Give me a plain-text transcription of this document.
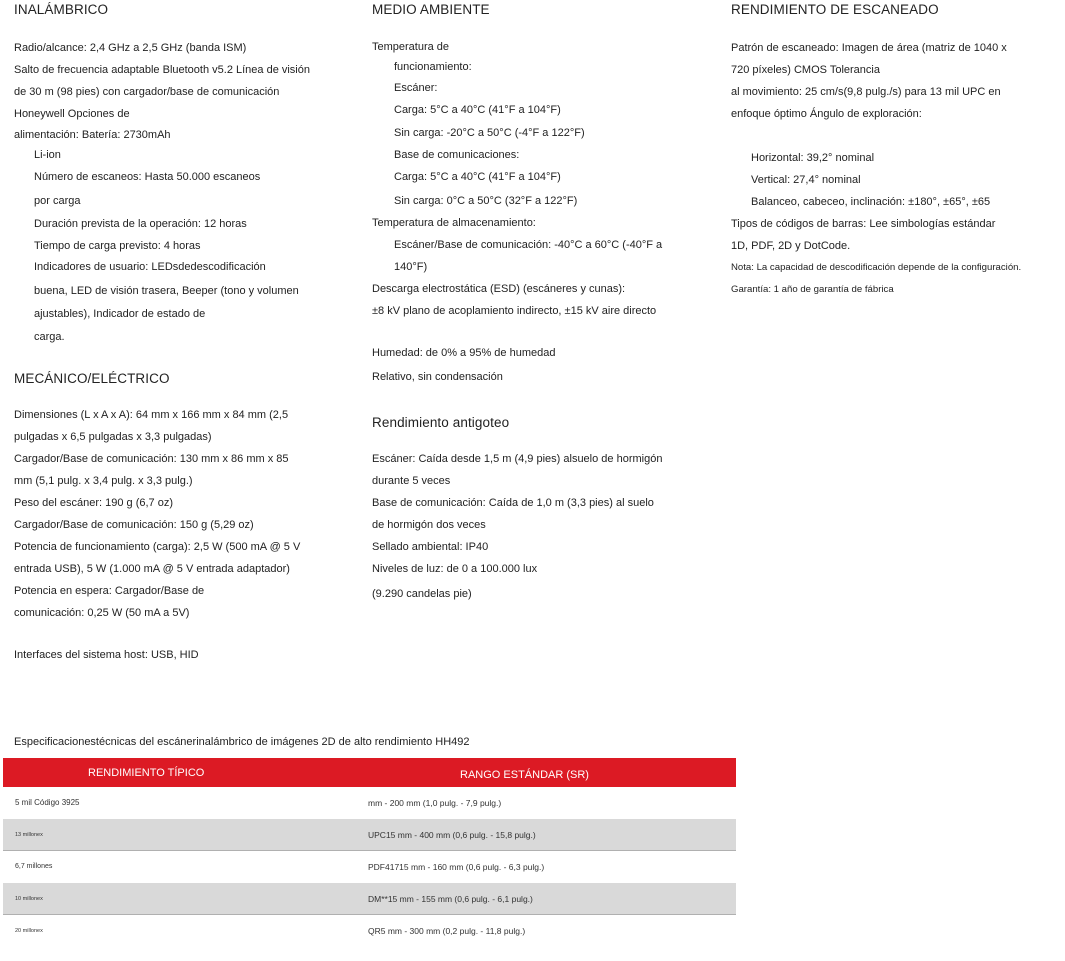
INALÁMBRICO

Radio/alcance: 2,4 GHz a 2,5 GHz (banda ISM)

Salto de frecuencia adaptable Bluetooth v5.2 Línea de visión

de 30 m (98 pies) con cargador/base de comunicación

Honeywell Opciones de

alimentación: Batería: 2730mAh

Li-ion

Número de escaneos: Hasta 50.000 escaneos

por carga

Duración prevista de la operación: 12 horas

Tiempo de carga previsto: 4 horas

Indicadores de usuario: LEDsdedescodificación

buena, LED de visión trasera, Beeper (tono y volumen

ajustables), Indicador de estado de

carga.

MECÁNICO/ELÉCTRICO

Dimensiones (L x A x A): 64 mm x 166 mm x 84 mm (2,5

pulgadas x 6,5 pulgadas x 3,3 pulgadas)

Cargador/Base de comunicación: 130 mm x 86 mm x 85

mm (5,1 pulg. x 3,4 pulg. x 3,3 pulg.)

Peso del escáner: 190 g (6,7 oz)

Cargador/Base de comunicación: 150 g (5,29 oz)

Potencia de funcionamiento (carga): 2,5 W (500 mA @ 5 V

entrada USB), 5 W (1.000 mA @ 5 V entrada adaptador)

Potencia en espera: Cargador/Base de

comunicación: 0,25 W (50 mA a 5V)

Interfaces del sistema host: USB, HID

MEDIO AMBIENTE

Temperatura de

funcionamiento:

Escáner:

Carga: 5°C a 40°C (41°F a 104°F)

Sin carga: -20°C a 50°C (-4°F a 122°F)

Base de comunicaciones:

Carga: 5°C a 40°C (41°F a 104°F)

Sin carga: 0°C a 50°C (32°F a 122°F)

Temperatura de almacenamiento:

Escáner/Base de comunicación: -40°C a 60°C (-40°F a

140°F)

Descarga electrostática (ESD) (escáneres y cunas):

±8 kV plano de acoplamiento indirecto, ±15 kV aire directo

Humedad: de 0% a 95% de humedad

Relativo, sin condensación

Rendimiento antigoteo

Escáner: Caída desde 1,5 m (4,9 pies) alsuelo de hormigón

durante 5 veces

Base de comunicación: Caída de 1,0 m (3,3 pies) al suelo

de hormigón dos veces

Sellado ambiental: IP40

Niveles de luz: de 0 a 100.000 lux

(9.290 candelas pie)

RENDIMIENTO DE ESCANEADO

Patrón de escaneado: Imagen de área (matriz de 1040 x

720 píxeles) CMOS Tolerancia

al movimiento: 25 cm/s(9,8 pulg./s) para 13 mil UPC en

enfoque óptimo Ángulo de exploración:

Horizontal: 39,2° nominal

Vertical: 27,4° nominal

Balanceo, cabeceo, inclinación: ±180°, ±65°, ±65

Tipos de códigos de barras: Lee simbologías estándar

1D, PDF, 2D y DotCode.

Nota: La capacidad de descodificación depende de la configuración.

Garantía: 1 año de garantía de fábrica

Especificacionestécnicas del escánerinalámbrico de imágenes 2D de alto rendimiento HH492
RENDIMIENTO TÍPICO	RANGO ESTÁNDAR (SR)
5 mil Código 3925	mm - 200 mm (1,0 pulg. - 7,9 pulg.)
13 millonex	UPC15 mm - 400 mm (0,6 pulg. - 15,8 pulg.)
6,7 millones	PDF41715 mm - 160 mm (0,6 pulg. - 6,3 pulg.)
10 millonex	DM**15 mm - 155 mm (0,6 pulg. - 6,1 pulg.)
20 millonex	QR5 mm - 300 mm (0,2 pulg. - 11,8 pulg.)
